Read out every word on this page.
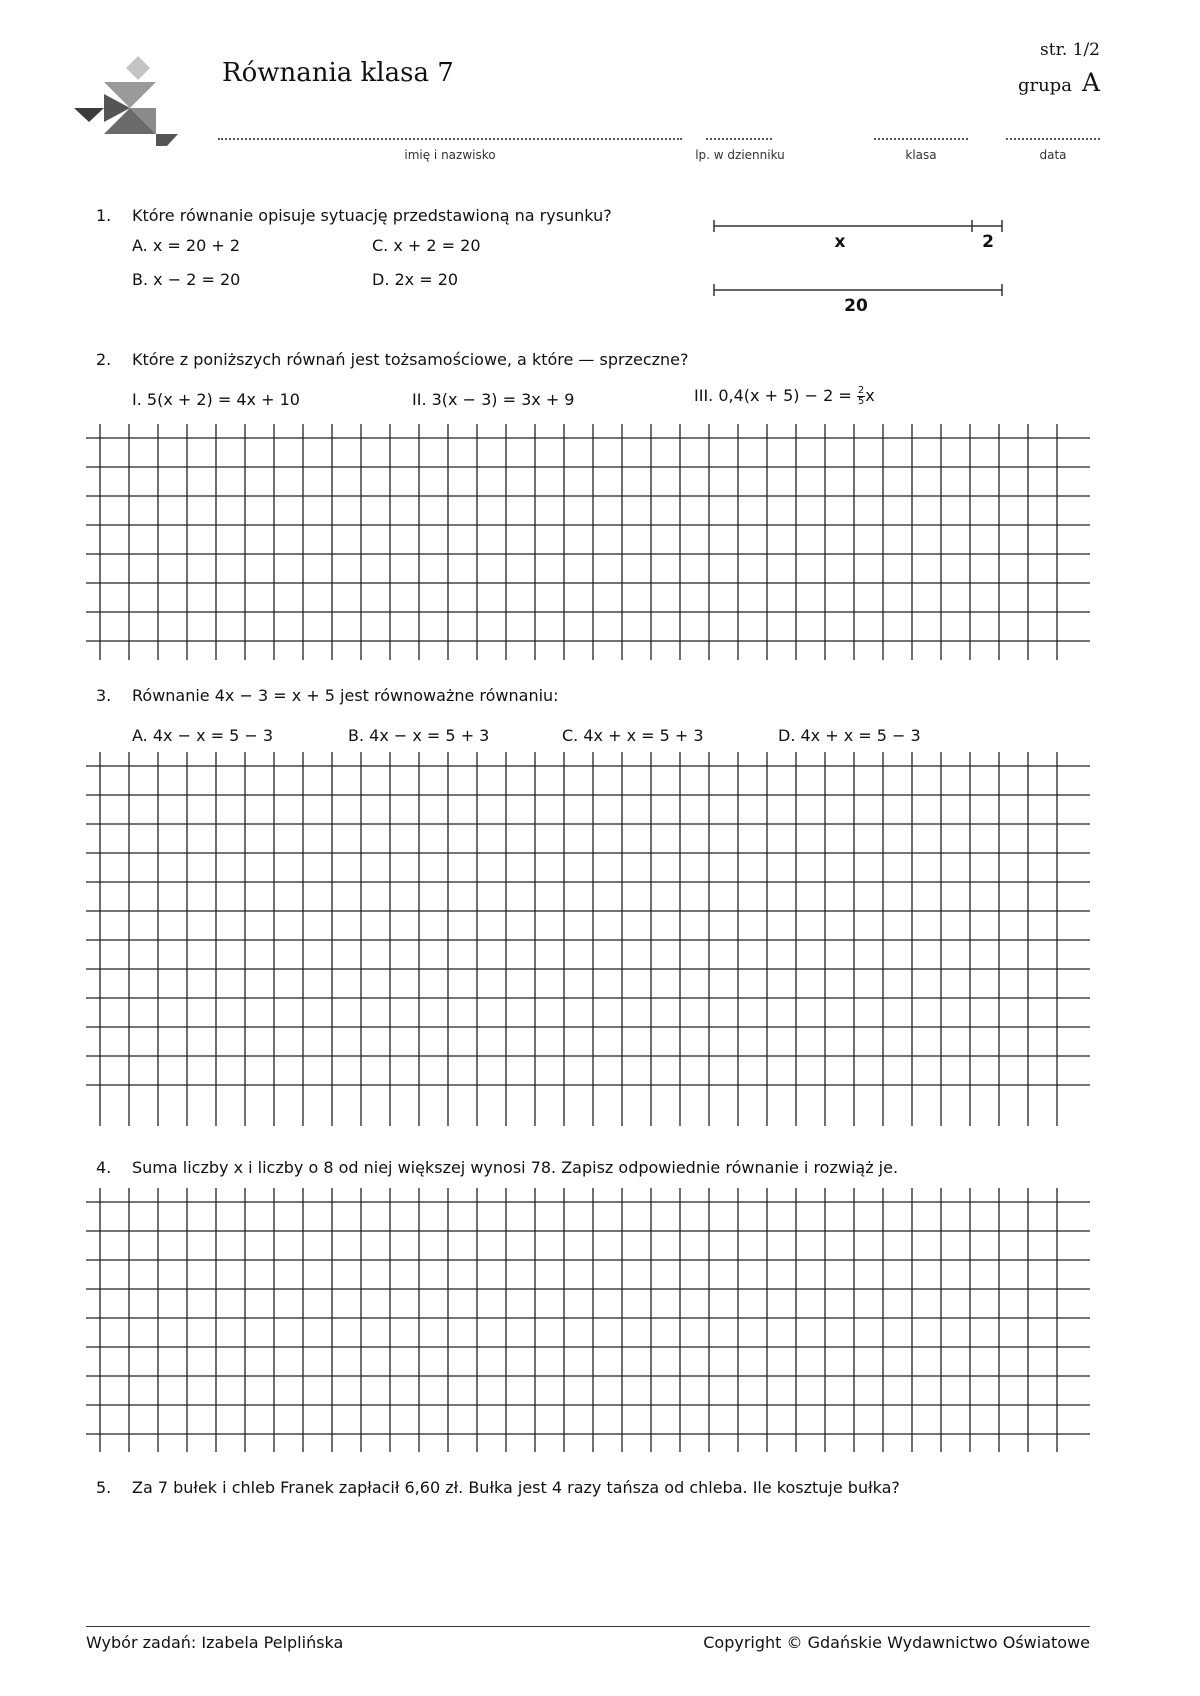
Równania klasa 7
str. 1/2
grupa A
imię i nazwisko	lp. w dzienniku	klasa	data
1. Które równanie opisuje sytuację przedstawioną na rysunku?
A. x = 20 + 2	C. x + 2 = 20
B. x − 2 = 20	D. 2x = 20
x	2
20
2. Które z poniższych równań jest tożsamościowe, a które — sprzeczne?
I. 5(x + 2) = 4x + 10	II. 3(x − 3) = 3x + 9	III. $0,4(x + 5) - 2 = \frac{2}{5}$ x
3. Równanie 4x − 3 = x + 5 jest równoważne równaniu:
A. 4x − x = 5 − 3	B. 4x − x = 5 + 3	C. 4x + x = 5 + 3	D. 4x + x = 5 − 3
4. Suma liczby x i liczby o 8 od niej większej wynosi 78. Zapisz odpowiednie równanie i rozwiąż je.
5. Za 7 bułek i chleb Franek zapłacił 6,60 zł. Bułka jest 4 razy tańsza od chleba. Ile kosztuje bułka?
Wybór zadań: Izabela Pelplińska	Copyright © Gdańskie Wydawnictwo Oświatowe
